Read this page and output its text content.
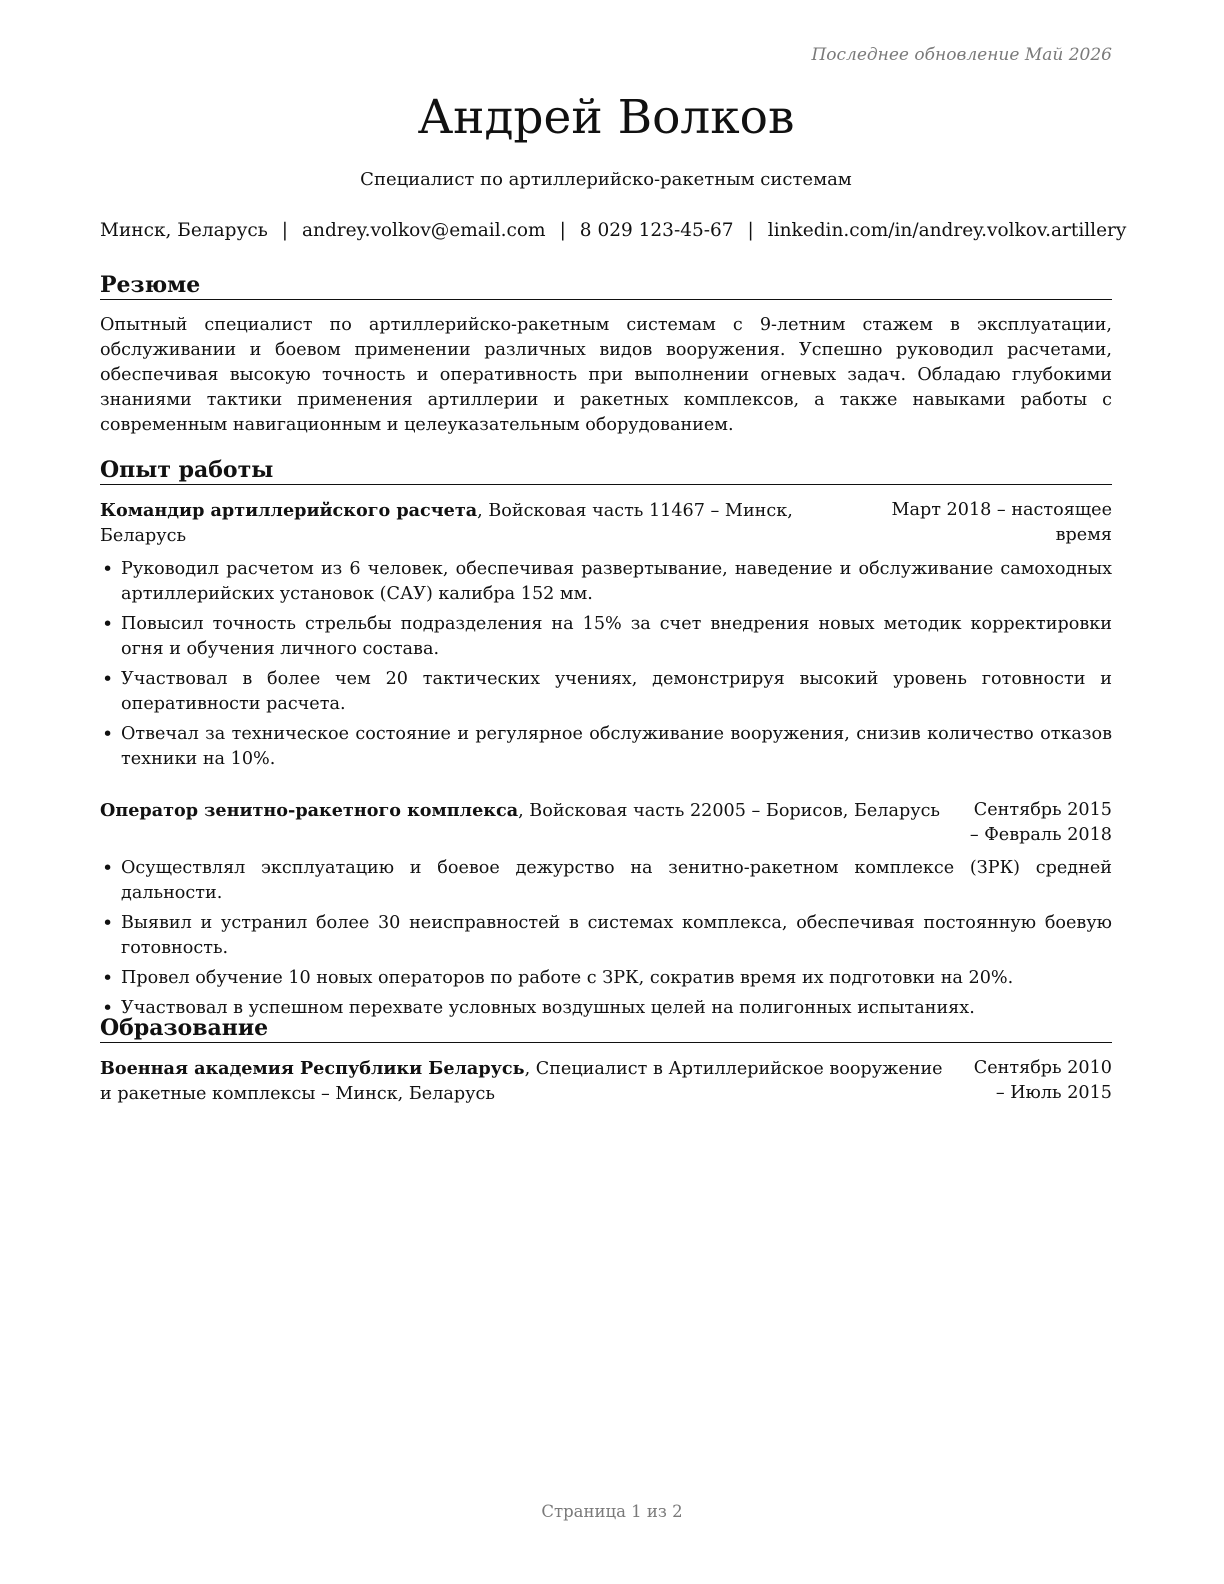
Последнее обновление Май 2026
Андрей Волков
Специалист по артиллерийско-ракетным системам
Минск, Беларусь | andrey.volkov@email.com | 8 029 123-45-67 | linkedin.com/in/andrey.volkov.artillery
Резюме
Опытный специалист по артиллерийско-ракетным системам с 9-летним стажем в эксплуатации, обслуживании и боевом применении различных видов вооружения. Успешно руководил расчетами, обеспечивая высокую точность и оперативность при выполнении огневых задач. Обладаю глубокими знаниями тактики применения артиллерии и ракетных комплексов, а также навыками работы с современным навигационным и целеуказательным оборудованием.
Опыт работы
Командир артиллерийского расчета, Войсковая часть 11467 – Минск, Беларусь
Март 2018 – настоящее время
• Руководил расчетом из 6 человек, обеспечивая развертывание, наведение и обслуживание самоходных артиллерийских установок (САУ) калибра 152 мм.
• Повысил точность стрельбы подразделения на 15% за счет внедрения новых методик корректировки огня и обучения личного состава.
• Участвовал в более чем 20 тактических учениях, демонстрируя высокий уровень готовности и оперативности расчета.
• Отвечал за техническое состояние и регулярное обслуживание вооружения, снизив количество отказов техники на 10%.
Оператор зенитно-ракетного комплекса, Войсковая часть 22005 – Борисов, Беларусь	Сентябрь 2015 – Февраль 2018
• Осуществлял эксплуатацию и боевое дежурство на зенитно-ракетном комплексе (ЗРК) средней дальности.
• Выявил и устранил более 30 неисправностей в системах комплекса, обеспечивая постоянную боевую готовность.
• Провел обучение 10 новых операторов по работе с ЗРК, сократив время их подготовки на 20%.
• Участвовал в успешном перехвате условных воздушных целей на полигонных испытаниях.
Образование
Военная академия Республики Беларусь, Специалист в Артиллерийское вооружение и ракетные комплексы – Минск, Беларусь
Сентябрь 2010 – Июль 2015
Страница 1 из 2
